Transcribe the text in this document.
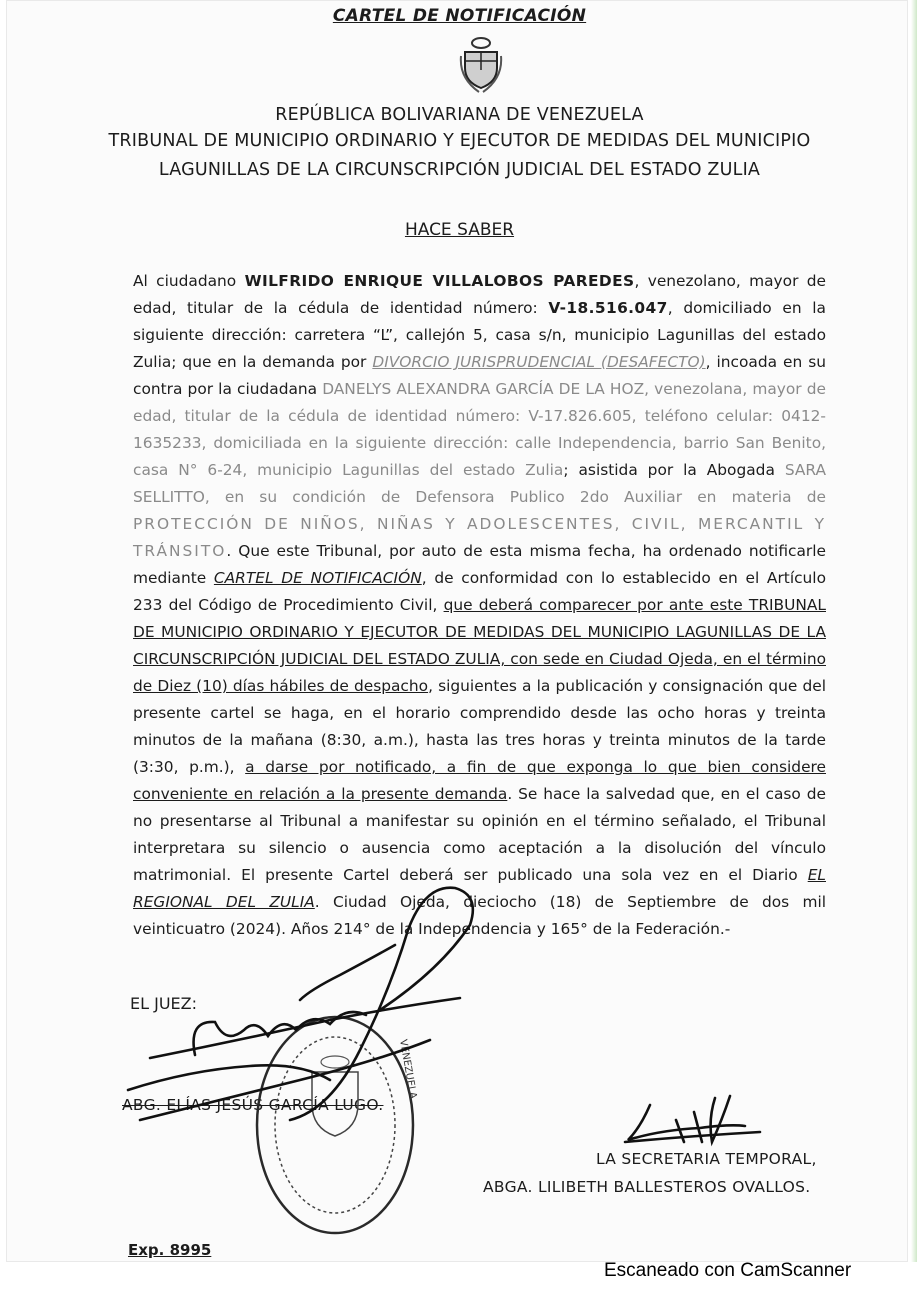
CARTEL DE NOTIFICACIÓN
REPÚBLICA BOLIVARIANA DE VENEZUELA
TRIBUNAL DE MUNICIPIO ORDINARIO Y EJECUTOR DE MEDIDAS DEL MUNICIPIO
LAGUNILLAS DE LA CIRCUNSCRIPCIÓN JUDICIAL DEL ESTADO ZULIA
HACE SABER
Al ciudadano WILFRIDO ENRIQUE VILLALOBOS PAREDES, venezolano, mayor de edad, titular de la cédula de identidad número: V-18.516.047, domiciliado en la siguiente dirección: carretera “L”, callejón 5, casa s/n, municipio Lagunillas del estado Zulia; que en la demanda por DIVORCIO JURISPRUDENCIAL (DESAFECTO), incoada en su contra por la ciudadana DANELYS ALEXANDRA GARCÍA DE LA HOZ, venezolana, mayor de edad, titular de la cédula de identidad número: V-17.826.605, teléfono celular: 0412-1635233, domiciliada en la siguiente dirección: calle Independencia, barrio San Benito, casa N° 6-24, municipio Lagunillas del estado Zulia; asistida por la Abogada SARA SELLITTO, en su condición de Defensora Publico 2do Auxiliar en materia de PROTECCIÓN DE NIÑOS, NIÑAS Y ADOLESCENTES, CIVIL, MERCANTIL Y TRÁNSITO. Que este Tribunal, por auto de esta misma fecha, ha ordenado notificarle mediante CARTEL DE NOTIFICACIÓN, de conformidad con lo establecido en el Artículo 233 del Código de Procedimiento Civil, que deberá comparecer por ante este TRIBUNAL DE MUNICIPIO ORDINARIO Y EJECUTOR DE MEDIDAS DEL MUNICIPIO LAGUNILLAS DE LA CIRCUNSCRIPCIÓN JUDICIAL DEL ESTADO ZULIA, con sede en Ciudad Ojeda, en el término de Diez (10) días hábiles de despacho, siguientes a la publicación y consignación que del presente cartel se haga, en el horario comprendido desde las ocho horas y treinta minutos de la mañana (8:30, a.m.), hasta las tres horas y treinta minutos de la tarde (3:30, p.m.), a darse por notificado, a fin de que exponga lo que bien considere conveniente en relación a la presente demanda. Se hace la salvedad que, en el caso de no presentarse al Tribunal a manifestar su opinión en el término señalado, el Tribunal interpretara su silencio o ausencia como aceptación a la disolución del vínculo matrimonial. El presente Cartel deberá ser publicado una sola vez en el Diario EL REGIONAL DEL ZULIA. Ciudad Ojeda, dieciocho (18) de Septiembre de dos mil veinticuatro (2024). Años 214° de la Independencia y 165° de la Federación.-
EL JUEZ:
ABG. ELÍAS JESÚS GARCÍA LUGO.
LA SECRETARIA TEMPORAL,
ABGA. LILIBETH BALLESTEROS OVALLOS.
Exp. 8995
Escaneado con CamScanner
VENEZUELA
